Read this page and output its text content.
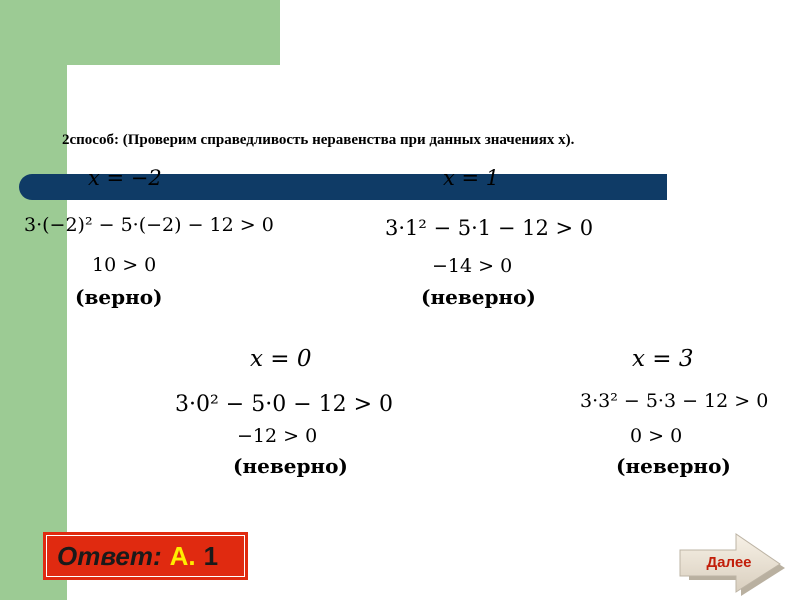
2способ: (Проверим справедливость неравенства при данных значениях х).
x = −2
3·(−2)² − 5·(−2) − 12 > 0
10 > 0
(верно)
x = 1
3·1² − 5·1 − 12 > 0
−14 > 0
(неверно)
x = 0
3·0² − 5·0 − 12 > 0
−12 > 0
(неверно)
x = 3
3·3² − 5·3 − 12 > 0
0 > 0
(неверно)
Ответ: А. 1	Далее
